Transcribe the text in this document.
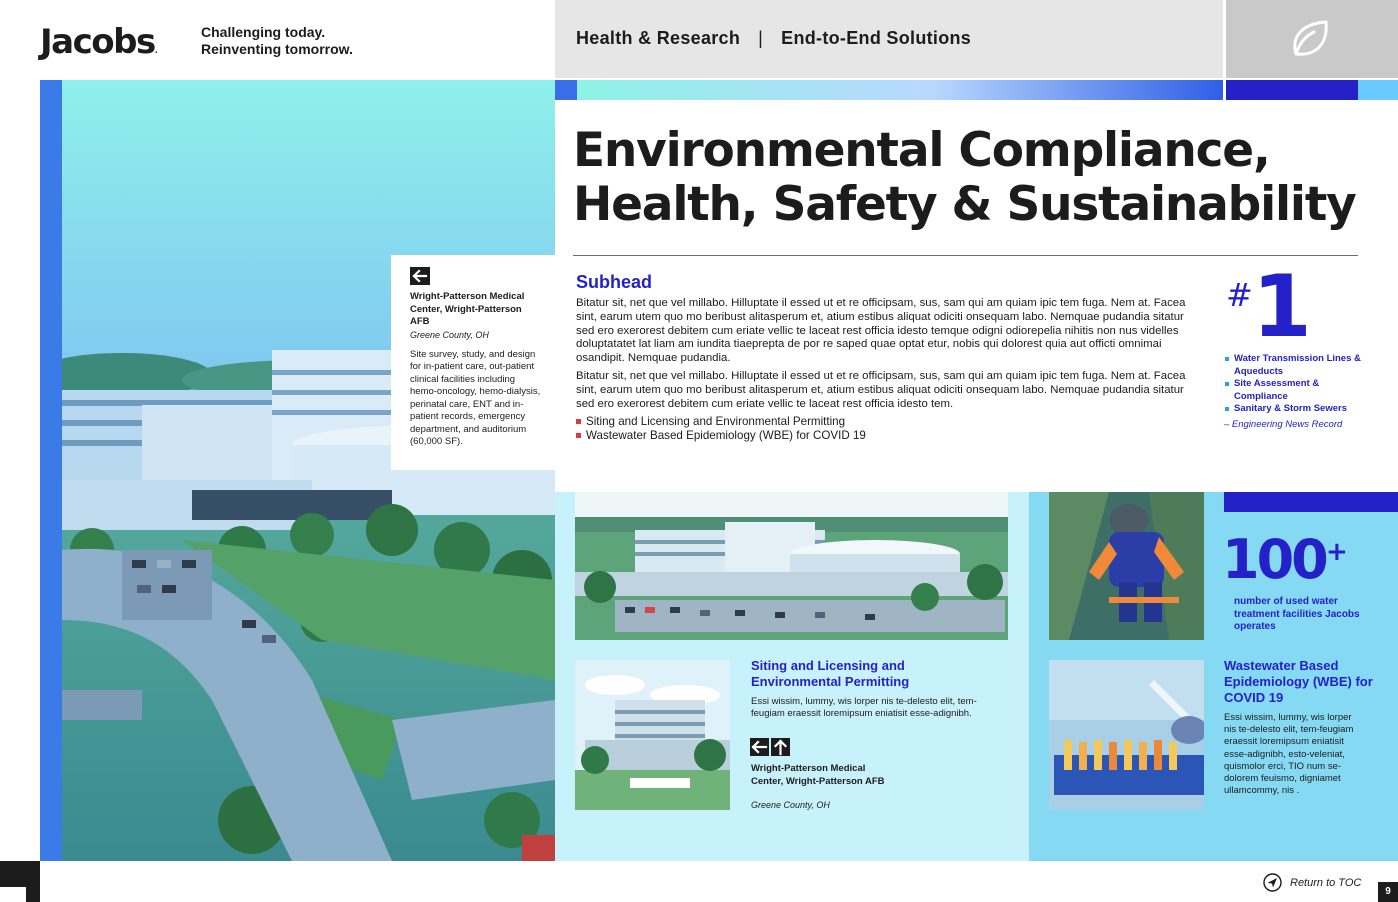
Jacobs.
Challenging today.
Reinventing tomorrow.
Health & Research | End-to-End Solutions
Wright-Patterson Medical Center, Wright-Patterson AFB
Greene County, OH
Site survey, study, and design for in-patient care, out-patient clinical facilities including hemo-oncology, hemo-dialysis, perinatal care, ENT and in-patient records, emergency department, and auditorium (60,000 SF).
Environmental Compliance,
Health, Safety & Sustainability
Subhead

Bitatur sit, net que vel millabo. Hilluptate il essed ut et re officipsam, sus, sam qui am quiam ipic tem fuga. Nem at. Facea sint, earum utem quo mo beribust alitasperum et, atium estibus aliquat odiciti onsequam labo. Nemquae pudandia sitatur sed ero exerorest debitem cum eriate vellic te laceat rest officia idesto temque odigni odiorepelia nihitis non nus videlles doluptatatet lat liam am iundita tiaeprepta de por re saped quae optat etur, nobis qui dolorest quia aut officti omnimai osandipit. Nemquae pudandia.

Bitatur sit, net que vel millabo. Hilluptate il essed ut et re officipsam, sus, sam qui am quiam ipic tem fuga. Nem at. Facea sint, earum utem quo mo beribust alitasperum et, atium estibus aliquat odiciti onsequam labo. Nemquae pudandia sitatur sed ero exerorest debitem cum eriate vellic te laceat rest officia idesto tem.

Siting and Licensing and Environmental Permitting
Wastewater Based Epidemiology (WBE) for COVID 19
# 1
Water Transmission Lines & Aqueducts
Site Assessment & Compliance
Sanitary & Storm Sewers
– Engineering News Record
Siting and Licensing and Environmental Permitting
Essi wissim, lummy, wis lorper nis te-delesto elit, tem-feugiam eraessit loremipsum eniatisit esse-adignibh.
Wright-Patterson Medical Center, Wright-Patterson AFB
Greene County, OH
100 +
number of used water treatment facilities Jacobs operates
Wastewater Based Epidemiology (WBE) for COVID 19
Essi wissim, lummy, wis lorper nis te-delesto elit, tem-feugiam eraessit loremipsum eniatisit esse-adignibh, esto-veleniat, quismolor erci, TIO num se-dolorem feuismo, digniamet ullamcommy, nis .
Return to TOC
9
